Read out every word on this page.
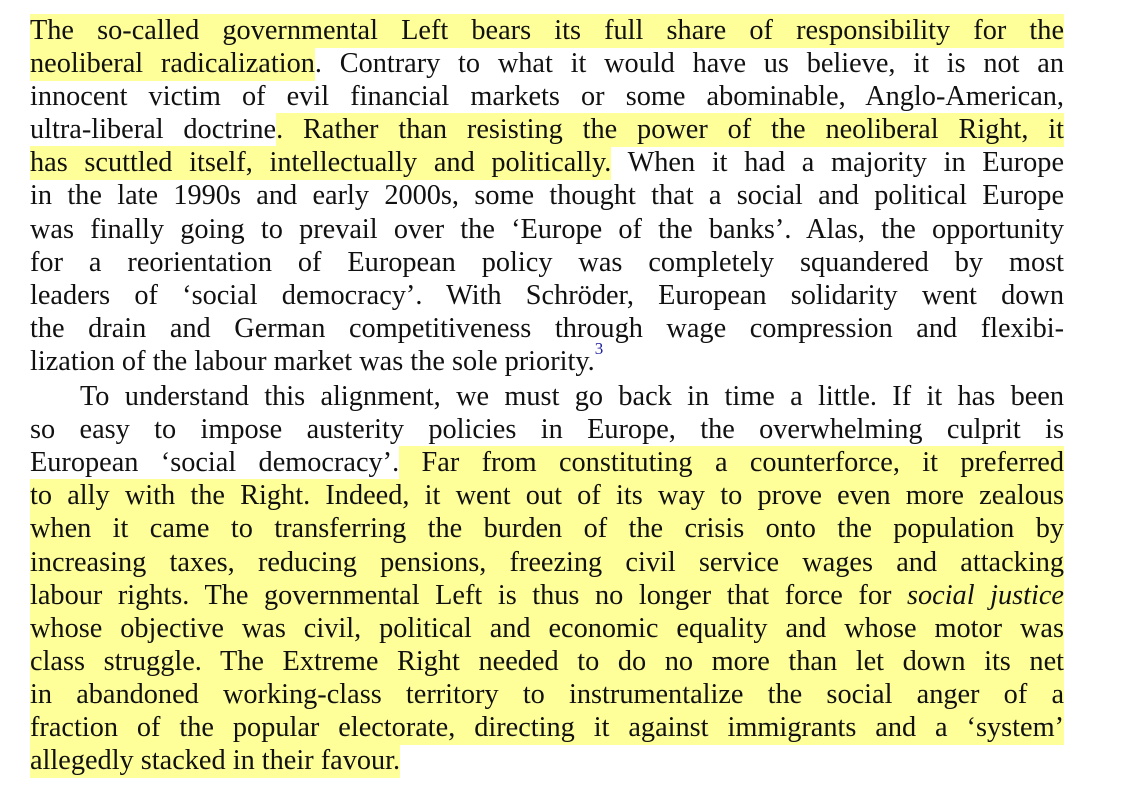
The so-called governmental Left bears its full share of responsibility for the
neoliberal radicalization. Contrary to what it would have us believe, it is not an
innocent victim of evil financial markets or some abominable, Anglo-American,
ultra-liberal doctrine. Rather than resisting the power of the neoliberal Right, it
has scuttled itself, intellectually and politically. When it had a majority in Europe
in the late 1990s and early 2000s, some thought that a social and political Europe
was finally going to prevail over the ‘Europe of the banks’. Alas, the opportunity
for a reorientation of European policy was completely squandered by most
leaders of ‘social democracy’. With Schröder, European solidarity went down
the drain and German competitiveness through wage compression and flexibi-
lization of the labour market was the sole priority.$^3$
To understand this alignment, we must go back in time a little. If it has been
so easy to impose austerity policies in Europe, the overwhelming culprit is
European ‘social democracy’. Far from constituting a counterforce, it preferred
to ally with the Right. Indeed, it went out of its way to prove even more zealous
when it came to transferring the burden of the crisis onto the population by
increasing taxes, reducing pensions, freezing civil service wages and attacking
labour rights. The governmental Left is thus no longer that force for social justice
whose objective was civil, political and economic equality and whose motor was
class struggle. The Extreme Right needed to do no more than let down its net
in abandoned working-class territory to instrumentalize the social anger of a
fraction of the popular electorate, directing it against immigrants and a ‘system’
allegedly stacked in their favour.
